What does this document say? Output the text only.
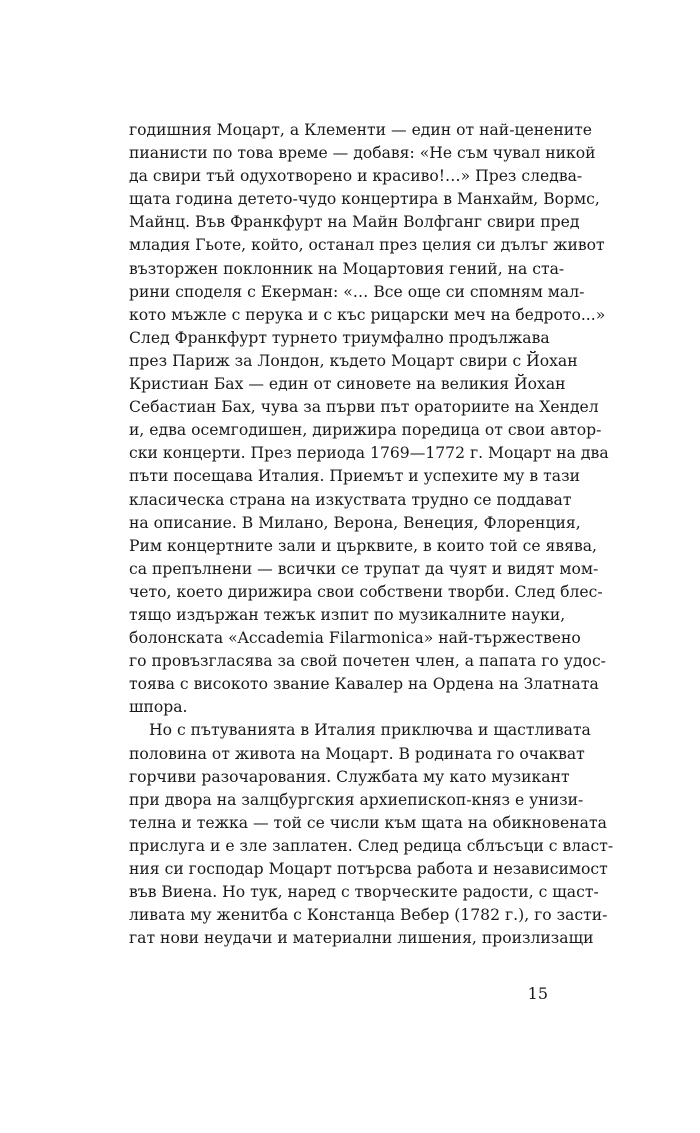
годишния Моцарт, а Клементи — един от най-ценените
пианисти по това време — добавя: «Не съм чувал никой
да свири тъй одухотворено и красиво!…» През следва-
щата година детето-чудо концертира в Манхайм, Вормс,
Майнц. Във Франкфурт на Майн Волфганг свири пред
младия Гьоте, който, останал през целия си дълъг живот
възторжен поклонник на Моцартовия гений, на ста-
рини споделя с Екерман: «… Все още си спомням мал-
кото мъжле с перука и с къс рицарски меч на бедрото...»
След Франкфурт турнето триумфално продължава
през Париж за Лондон, където Моцарт свири с Йохан
Кристиан Бах — един от синовете на великия Йохан
Себастиан Бах, чува за първи път ораториите на Хендел
и, едва осемгодишен, дирижира поредица от свои автор-
ски концерти. През периода 1769—1772 г. Моцарт на два
пъти посещава Италия. Приемът и успехите му в тази
класическа страна на изкуствата трудно се поддават
на описание. В Милано, Верона, Венеция, Флоренция,
Рим концертните зали и църквите, в които той се явява,
са препълнени — всички се трупат да чуят и видят мом-
чето, което дирижира свои собствени творби. След блес-
тящо издържан тежък изпит по музикалните науки,
болонската «Accademia Filarmonica» най-тържествено
го провъзгласява за свой почетен член, а папата го удос-
тоява с високото звание Кавалер на Ордена на Златната
шпора.
Но с пътуванията в Италия приключва и щастливата
половина от живота на Моцарт. В родината го очакват
горчиви разочарования. Службата му като музикант
при двора на залцбургския архиепископ-княз е унизи-
телна и тежка — той се числи към щата на обикновената
прислуга и е зле заплатен. След редица сблъсъци с власт-
ния си господар Моцарт потърсва работа и независимост
във Виена. Но тук, наред с творческите радости, с щаст-
ливата му женитба с Констанца Вебер (1782 г.), го засти-
гат нови неудачи и материални лишения, произлизащи
15
